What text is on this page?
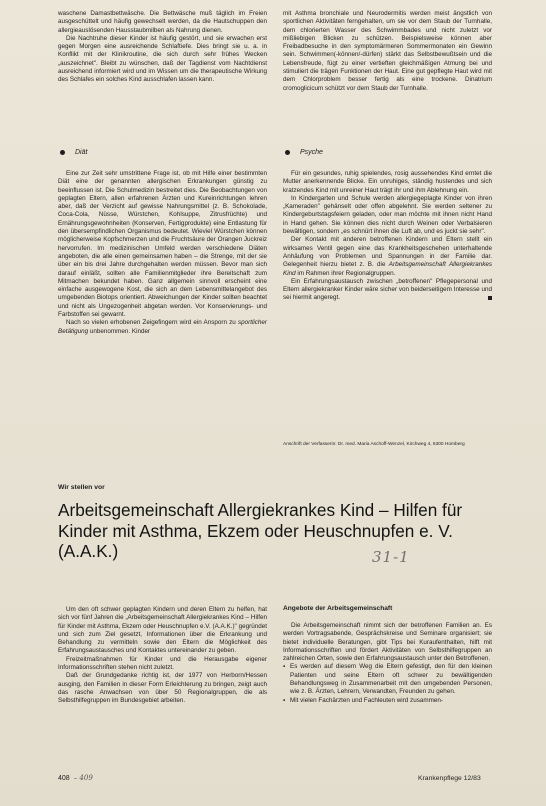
waschene Damastbettwäsche. Die Bettwäsche muß täglich im Freien ausgeschüttelt und häufig gewechselt werden, da die Hautschuppen den allergieauslösenden Hausstaubmilben als Nahrung dienen.

Die Nachtruhe dieser Kinder ist häufig gestört, und sie erwachen erst gegen Morgen eine ausreichende Schlaftiefe. Dies bringt sie u. a. in Konflikt mit der Klinikroutine, die sich durch sehr frühes Wecken „auszeichnet". Bleibt zu wünschen, daß der Tagdienst vom Nachtdienst ausreichend informiert wird und im Wissen um die therapeutische Wirkung des Schlafes ein solches Kind ausschlafen lassen kann.

mit Asthma bronchiale und Neurodermitis werden meist ängstlich von sportlichen Aktivitäten ferngehalten, um sie vor dem Staub der Turnhalle, dem chlorierten Wasser des Schwimmbades und nicht zuletzt vor mißliebigen Blicken zu schützen. Beispielsweise können aber Freibadbesuche in den symptomärmeren Sommermonaten ein Gewinn sein. Schwimmen(-können/-dürfen) stärkt das Selbstbewußtsein und die Lebensfreude, fügt zu einer vertieften gleichmäßigen Atmung bei und stimuliert die trägen Funktionen der Haut. Eine gut gepflegte Haut wird mit dem Chlorproblem besser fertig als eine trockene. Dinatrium cromoglicicum schützt vor dem Staub der Turnhalle.

Diät	Psyche

Eine zur Zeit sehr umstrittene Frage ist, ob mit Hilfe einer bestimmten Diät eine der genannten allergischen Erkrankungen günstig zu beeinflussen ist. Die Schulmedizin bestreitet dies. Die Beobachtungen von geplagten Eltern, allen erfahrenen Ärzten und Kureinrichtungen lehren aber, daß der Verzicht auf gewisse Nahrungsmittel (z. B. Schokolade, Coca-Cola, Nüsse, Würstchen, Kohlsuppe, Zitrusfrüchte) und Ernährungsgewohnheiten (Konserven, Fertigprodukte) eine Entlastung für den übersempfindlichen Organismus bedeutet. Wieviel Würstchen können möglicherweise Kopfschmerzen und die Fruchtsäure der Orangen Juckreiz hervorrufen. Im medizinischen Umfeld werden verschiedene Diäten angeboten, die alle einen gemeinsamen haben – die Strenge, mit der sie über ein bis drei Jahre durchgehalten werden müssen. Bevor man sich darauf einläßt, sollten alle Familienmitglieder ihre Bereitschaft zum Mitmachen bekundet haben. Ganz allgemein sinnvoll erscheint eine einfache ausgewogene Kost, die sich an dem Lebensmittelangebot des umgebenden Biotops orientiert. Abweichungen der Kinder sollten beachtet und nicht als Ungezogenheit abgetan werden. Vor Konservierungs- und Farbstoffen sei gewarnt.

Nach so vielen erhobenen Zeigefingern wird ein Ansporn zu sportlicher Betätigung unbenommen. Kinder

Für ein gesundes, ruhig spielendes, rosig aussehendes Kind erntet die Mutter anerkennende Blicke. Ein unruhiges, ständig hustendes und sich kratzendes Kind mit unreiner Haut trägt ihr und ihm Ablehnung ein.

In Kindergarten und Schule werden allergiegeplagte Kinder von ihren „Kameraden" gehänselt oder offen abgelehnt. Sie werden seltener zu Kindergeburtstagsfeiern geladen, oder man möchte mit ihnen nicht Hand in Hand gehen. Sie können dies nicht durch Weinen oder Verbalsieren bewältigen, sondern „es schnürt ihnen die Luft ab, und es juckt sie sehr".

Der Kontakt mit anderen betroffenen Kindern und Eltern stellt ein wirksames Ventil gegen eine das Krankheitsgeschehen unterhaltende Anhäufung von Problemen und Spannungen in der Familie dar. Gelegenheit hierzu bietet z. B. die Arbeitsgemeinschaft Allergiekrankes Kind im Rahmen ihrer Regionalgruppen.

Ein Erfahrungsaustausch zwischen „betroffenen" Pflegepersonal und Eltern allergiekranker Kinder wäre sicher von beiderseitigem Interesse und sei hiermit angeregt.

Anschrift der Verfasserin: Dr. med. Maria Aschoff-Wenzel, Kirchweg 4, 6300 Homberg
Wir stellen vor
Arbeitsgemeinschaft Allergiekrankes Kind – Hilfen für Kinder mit Asthma, Ekzem oder Heuschnupfen e. V. (A.A.K.)	31-1

Um den oft schwer geplagten Kindern und deren Eltern zu helfen, hat sich vor fünf Jahren die „Arbeitsgemeinschaft Allergiekrankes Kind – Hilfen für Kinder mit Asthma, Ekzem oder Heuschnupfen e.V. (A.A.K.)" gegründet und sich zum Ziel gesetzt, Informationen über die Erkrankung und Behandlung zu vermitteln sowie den Eltern die Möglichkeit des Erfahrungsaustausches und Kontaktes untereinander zu geben.

Freizeitmaßnahmen für Kinder und die Herausgabe eigener Informationsschriften stehen nicht zuletzt.

Daß der Grundgedanke richtig ist, der 1977 von Herborn/Hessen ausging, den Familien in dieser Form Erleichterung zu bringen, zeigt auch das rasche Anwachsen von über 50 Regionalgruppen, die als Selbsthilfegruppen im Bundesgebiet arbeiten.

Angebote der Arbeitsgemeinschaft

Die Arbeitsgemeinschaft nimmt sich der betroffenen Familien an. Es werden Vortragsabende, Gesprächskreise und Seminare organisiert; sie bietet individuelle Beratungen, gibt Tips bei Kuraufenthalten, hilft mit Informationsschriften und fördert Aktivitäten von Selbsthilfegruppen an zahlreichen Orten, sowie den Erfahrungsaustausch unter den Betroffenen.

▪ Es werden auf diesem Weg die Eltern gefestigt, den für den kleinen Patienten und seine Eltern oft schwer zu bewältigenden Behandlungsweg in Zusammenarbeit mit den umgebenden Personen, wie z. B. Ärzten, Lehrern, Verwandten, Freunden zu gehen.

▪ Mit vielen Fachärzten und Fachleuten wird zusammen-

408 – 409	Krankenpflege 12/83
